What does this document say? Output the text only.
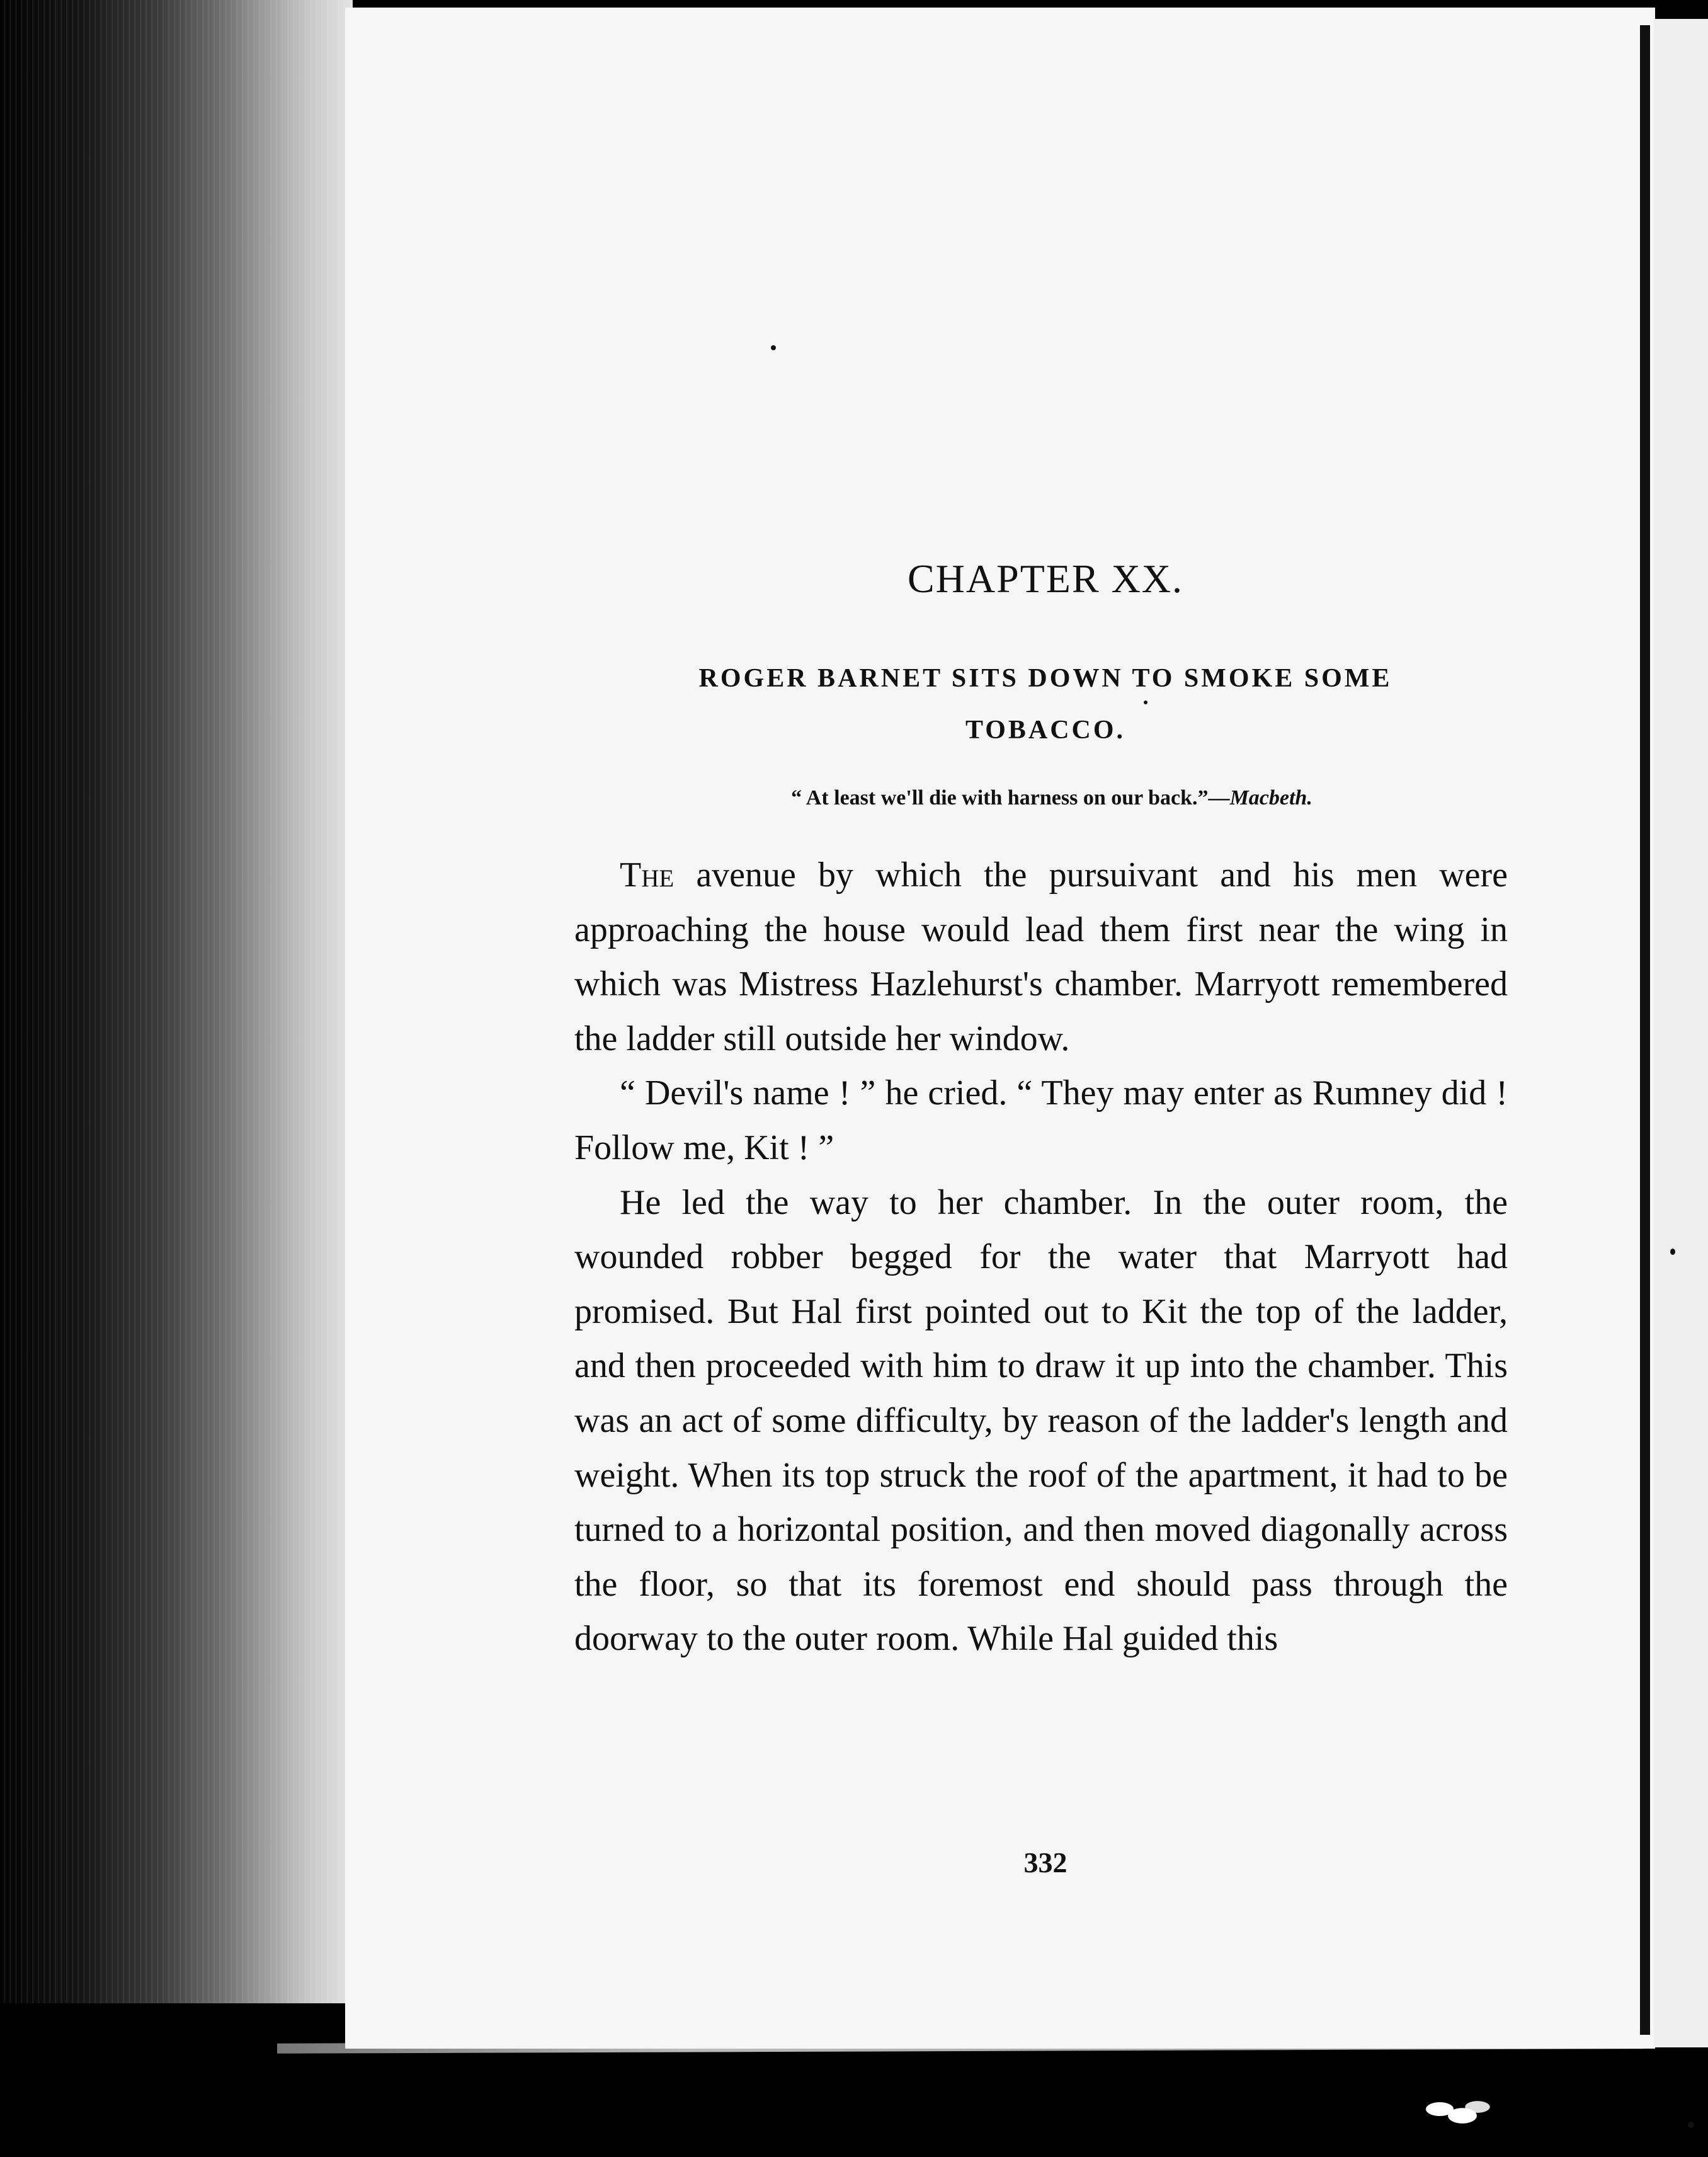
CHAPTER XX.
ROGER BARNET SITS DOWN TO SMOKE SOME TOBACCO.
“ At least we'll die with harness on our back.”—Macbeth.

The avenue by which the pursuivant and his men were approaching the house would lead them first near the wing in which was Mistress Hazlehurst's chamber. Marryott remembered the ladder still outside her window.

“ Devil's name ! ” he cried. “ They may enter as Rumney did ! Follow me, Kit ! ”

He led the way to her chamber. In the outer room, the wounded robber begged for the water that Marryott had promised. But Hal first pointed out to Kit the top of the ladder, and then proceeded with him to draw it up into the chamber. This was an act of some difficulty, by reason of the ladder's length and weight. When its top struck the roof of the apartment, it had to be turned to a horizontal position, and then moved diagonally across the floor, so that its foremost end should pass through the doorway to the outer room. While Hal guided this

332
